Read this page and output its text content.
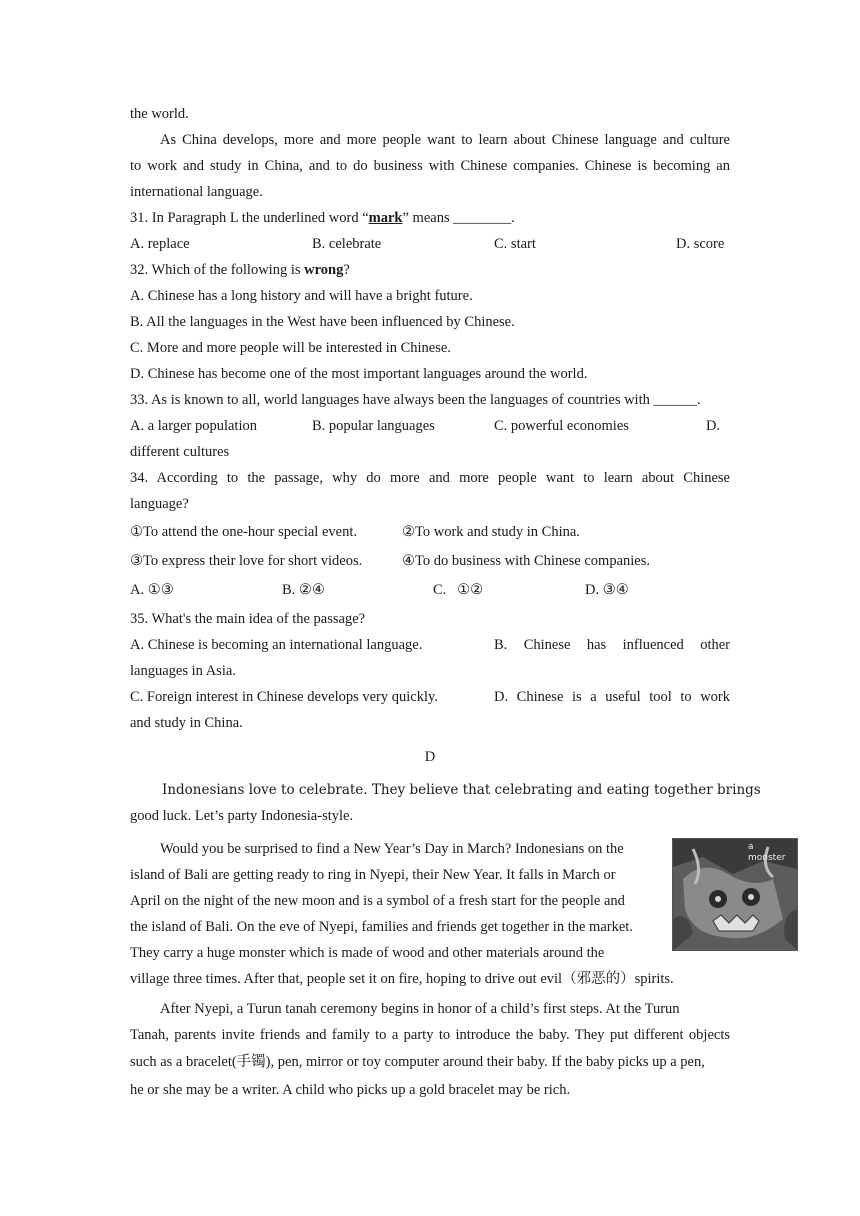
the world.
As China develops, more and more people want to learn about Chinese language and culture
to work and study in China, and to do business with Chinese companies. Chinese is becoming an
international language.
31. In Paragraph L the underlined word “mark” means ________.
A. replace	B. celebrate	C. start	D. score
32. Which of the following is wrong?
A. Chinese has a long history and will have a bright future.
B. All the languages in the West have been influenced by Chinese.
C. More and more people will be interested in Chinese.
D. Chinese has become one of the most important languages around the world.
33. As is known to all, world languages have always been the languages of countries with ______.
A. a larger population	B. popular languages	C. powerful economies	D.
different cultures
34. According to the passage, why do more and more people want to learn about Chinese
language?
①To attend the one-hour special event.	②To work and study in China.
③To express their love for short videos.	④To do business with Chinese companies.
A. ①③	B. ②④	C.   ①②	D. ③④
35. What's the main idea of the passage?
A. Chinese is becoming an international language.	B. Chinese has influenced other
languages in Asia.
C. Foreign interest in Chinese develops very quickly.	D. Chinese is a useful tool to work
and study in China.
D
Indonesians love to celebrate. They believe that celebrating and eating together brings
good luck. Let’s party Indonesia-style.
Would you be surprised to find a New Year’s Day in March? Indonesians on the
island of Bali are getting ready to ring in Nyepi, their New Year. It falls in March or
April on the night of the new moon and is a symbol of a fresh start for the people and
the island of Bali. On the eve of Nyepi, families and friends get together in the market.
They carry a huge monster which is made of wood and other materials around the
village three times. After that, people set it on fire, hoping to drive out evil（邪恶的）spirits.
After Nyepi, a Turun tanah ceremony begins in honor of a child’s first steps. At the Turun
Tanah, parents invite friends and family to a party to introduce the baby. They put different objects
such as a bracelet(手镯), pen, mirror or toy computer around their baby. If the baby picks up a pen,
he or she may be a writer. A child who picks up a gold bracelet may be rich.
a
monster
